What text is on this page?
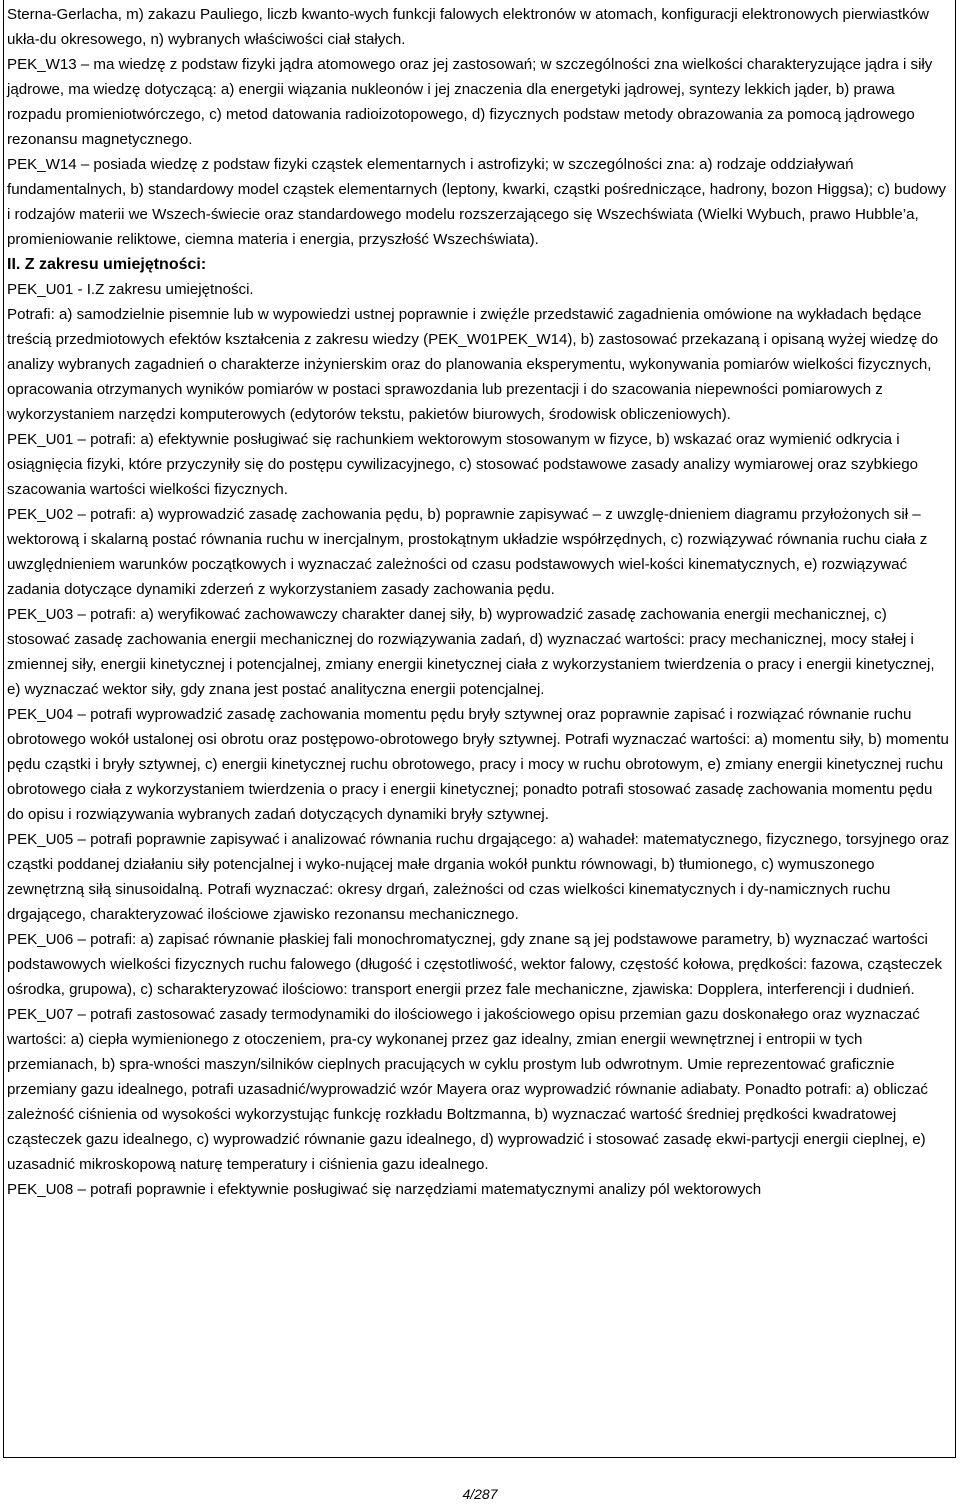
Sterna-Gerlacha, m) zakazu Pauliego, liczb kwanto-wych funkcji falowych elektronów w atomach, konfiguracji elektronowych pierwiastków ukła-du okresowego, n) wybranych właściwości ciał stałych.

PEK_W13 – ma wiedzę z podstaw fizyki jądra atomowego oraz jej zastosowań; w szczególności zna wielkości charakteryzujące jądra i siły jądrowe, ma wiedzę dotyczącą: a) energii wiązania nukleonów i jej znaczenia dla energetyki jądrowej, syntezy lekkich jąder, b) prawa rozpadu promieniotwórczego, c) metod datowania radioizotopowego, d) fizycznych podstaw metody obrazowania za pomocą jądrowego rezonansu magnetycznego.

PEK_W14 – posiada wiedzę z podstaw fizyki cząstek elementarnych i astrofizyki; w szczególności zna: a) rodzaje oddziaływań fundamentalnych, b) standardowy model cząstek elementarnych (leptony, kwarki, cząstki pośredniczące, hadrony, bozon Higgsa); c) budowy i rodzajów materii we Wszech-świecie oraz standardowego modelu rozszerzającego się Wszechświata (Wielki Wybuch, prawo Hubble’a, promieniowanie reliktowe, ciemna materia i energia, przyszłość Wszechświata).

II. Z zakresu umiejętności:

PEK_U01 - I.Z zakresu umiejętności.

Potrafi: a) samodzielnie pisemnie lub w wypowiedzi ustnej poprawnie i zwięźle przedstawić zagadnienia omówione na wykładach będące treścią przedmiotowych efektów kształcenia z zakresu wiedzy (PEK_W01PEK_W14), b) zastosować przekazaną i opisaną wyżej wiedzę do analizy wybranych zagadnień o charakterze inżynierskim oraz do planowania eksperymentu, wykonywania pomiarów wielkości fizycznych, opracowania otrzymanych wyników pomiarów w postaci sprawozdania lub prezentacji i do szacowania niepewności pomiarowych z wykorzystaniem narzędzi komputerowych (edytorów tekstu, pakietów biurowych, środowisk obliczeniowych).

PEK_U01 – potrafi: a) efektywnie posługiwać się rachunkiem wektorowym stosowanym w fizyce, b) wskazać oraz wymienić odkrycia i osiągnięcia fizyki, które przyczyniły się do postępu cywilizacyjnego, c) stosować podstawowe zasady analizy wymiarowej oraz szybkiego szacowania wartości wielkości fizycznych.

PEK_U02 – potrafi: a) wyprowadzić zasadę zachowania pędu, b) poprawnie zapisywać – z uwzglę-dnieniem diagramu przyłożonych sił – wektorową i skalarną postać równania ruchu w inercjalnym, prostokątnym układzie współrzędnych, c) rozwiązywać równania ruchu ciała z uwzględnieniem warunków początkowych i wyznaczać zależności od czasu podstawowych wiel-kości kinematycznych, e) rozwiązywać zadania dotyczące dynamiki zderzeń z wykorzystaniem zasady zachowania pędu.

PEK_U03 – potrafi: a) weryfikować zachowawczy charakter danej siły, b) wyprowadzić zasadę zachowania energii mechanicznej, c) stosować zasadę zachowania energii mechanicznej do rozwiązywania zadań, d) wyznaczać wartości: pracy mechanicznej, mocy stałej i zmiennej siły, energii kinetycznej i potencjalnej, zmiany energii kinetycznej ciała z wykorzystaniem twierdzenia o pracy i energii kinetycznej, e) wyznaczać wektor siły, gdy znana jest postać analityczna energii potencjalnej.

PEK_U04 – potrafi wyprowadzić zasadę zachowania momentu pędu bryły sztywnej oraz poprawnie zapisać i rozwiązać równanie ruchu obrotowego wokół ustalonej osi obrotu oraz postępowo-obrotowego bryły sztywnej. Potrafi wyznaczać wartości: a) momentu siły, b) momentu pędu cząstki i bryły sztywnej, c) energii kinetycznej ruchu obrotowego, pracy i mocy w ruchu obrotowym, e) zmiany energii kinetycznej ruchu obrotowego ciała z wykorzystaniem twierdzenia o pracy i energii kinetycznej; ponadto potrafi stosować zasadę zachowania momentu pędu do opisu i rozwiązywania wybranych zadań dotyczących dynamiki bryły sztywnej.

PEK_U05 – potrafi poprawnie zapisywać i analizować równania ruchu drgającego: a) wahadeł: matematycznego, fizycznego, torsyjnego oraz cząstki poddanej działaniu siły potencjalnej i wyko-nującej małe drgania wokół punktu równowagi, b) tłumionego, c) wymuszonego zewnętrzną siłą sinusoidalną. Potrafi wyznaczać: okresy drgań, zależności od czas wielkości kinematycznych i dy-namicznych ruchu drgającego, charakteryzować ilościowe zjawisko rezonansu mechanicznego.

PEK_U06 – potrafi: a) zapisać równanie płaskiej fali monochromatycznej, gdy znane są jej podstawowe parametry, b) wyznaczać wartości podstawowych wielkości fizycznych ruchu falowego (długość i częstotliwość, wektor falowy, częstość kołowa, prędkości: fazowa, cząsteczek ośrodka, grupowa), c) scharakteryzować ilościowo: transport energii przez fale mechaniczne, zjawiska: Dopplera, interferencji i dudnień.

PEK_U07 – potrafi zastosować zasady termodynamiki do ilościowego i jakościowego opisu przemian gazu doskonałego oraz wyznaczać wartości: a) ciepła wymienionego z otoczeniem, pra-cy wykonanej przez gaz idealny, zmian energii wewnętrznej i entropii w tych przemianach, b) spra-wności maszyn/silników cieplnych pracujących w cyklu prostym lub odwrotnym. Umie reprezentować graficznie przemiany gazu idealnego, potrafi uzasadnić/wyprowadzić wzór Mayera oraz wyprowadzić równanie adiabaty. Ponadto potrafi: a) obliczać zależność ciśnienia od wysokości wykorzystując funkcję rozkładu Boltzmanna, b) wyznaczać wartość średniej prędkości kwadratowej cząsteczek gazu idealnego, c) wyprowadzić równanie gazu idealnego, d) wyprowadzić i stosować zasadę ekwi-partycji energii cieplnej, e) uzasadnić mikroskopową naturę temperatury i ciśnienia gazu idealnego.

PEK_U08 – potrafi poprawnie i efektywnie posługiwać się narzędziami matematycznymi analizy pól wektorowych

4/287
